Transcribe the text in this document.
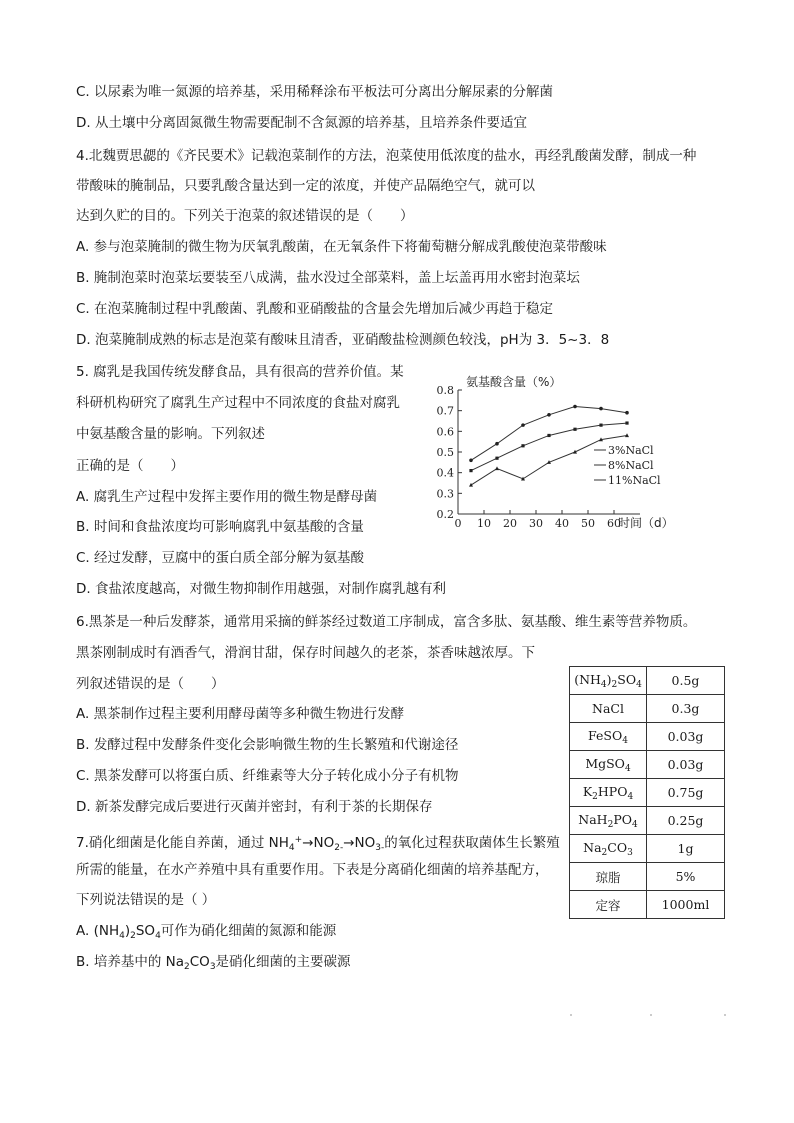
C. 以尿素为唯一氮源的培养基，采用稀释涂布平板法可分离出分解尿素的分解菌
D. 从土壤中分离固氮微生物需要配制不含氮源的培养基，且培养条件要适宜
4.北魏贾思勰的《齐民要术》记载泡菜制作的方法，泡菜使用低浓度的盐水，再经乳酸菌发酵，制成一种
带酸味的腌制品，只要乳酸含量达到一定的浓度，并使产品隔绝空气，就可以
达到久贮的目的。下列关于泡菜的叙述错误的是（　　）
A. 参与泡菜腌制的微生物为厌氧乳酸菌，在无氧条件下将葡萄糖分解成乳酸使泡菜带酸味
B. 腌制泡菜时泡菜坛要装至八成满，盐水没过全部菜料，盖上坛盖再用水密封泡菜坛
C. 在泡菜腌制过程中乳酸菌、乳酸和亚硝酸盐的含量会先增加后减少再趋于稳定
D. 泡菜腌制成熟的标志是泡菜有酸味且清香，亚硝酸盐检测颜色较浅，pH为 3．5~3．8
5. 腐乳是我国传统发酵食品，具有很高的营养价值。某
科研机构研究了腐乳生产过程中不同浓度的食盐对腐乳
中氨基酸含量的影响。下列叙述
正确的是（　　）
A. 腐乳生产过程中发挥主要作用的微生物是酵母菌
B. 时间和食盐浓度均可影响腐乳中氨基酸的含量
C. 经过发酵，豆腐中的蛋白质全部分解为氨基酸
D. 食盐浓度越高，对微生物抑制作用越强，对制作腐乳越有利
0.2
0.3
0.4
0.5
0.6
0.7
0.8
0 10 20 30 40 50 60
氨基酸含量（%）
时间（d）
3%NaCl
8%NaCl
11%NaCl
6.黑茶是一种后发酵茶，通常用采摘的鲜茶经过数道工序制成，富含多肽、氨基酸、维生素等营养物质。
黑茶刚制成时有酒香气，滑润甘甜，保存时间越久的老茶，茶香味越浓厚。下
列叙述错误的是（　　）
A. 黑茶制作过程主要利用酵母菌等多种微生物进行发酵
B. 发酵过程中发酵条件变化会影响微生物的生长繁殖和代谢途径
C. 黑茶发酵可以将蛋白质、纤维素等大分子转化成小分子有机物
D. 新茶发酵完成后要进行灭菌并密封，有利于茶的长期保存
7.硝化细菌是化能自养菌，通过 $NH_4^+\to NO_{2-}\to NO_{3-}$的氧化过程获取菌体生长繁殖
所需的能量，在水产养殖中具有重要作用。下表是分离硝化细菌的培养基配方，
下列说法错误的是（ ）
A. $(NH_4)_2SO_4$可作为硝化细菌的氮源和能源
B. 培养基中的 $Na_2CO_3$是硝化细菌的主要碳源
$(NH_4)_2SO_4$	0.5g
NaCl	0.3g
FeSO$_4$	0.03g
MgSO$_4$	0.03g
$K_2HPO_4$	0.75g
$NaH_2PO_4$	0.25g
$Na_2CO_3$	1g
琼脂	5%
定容	1000ml
